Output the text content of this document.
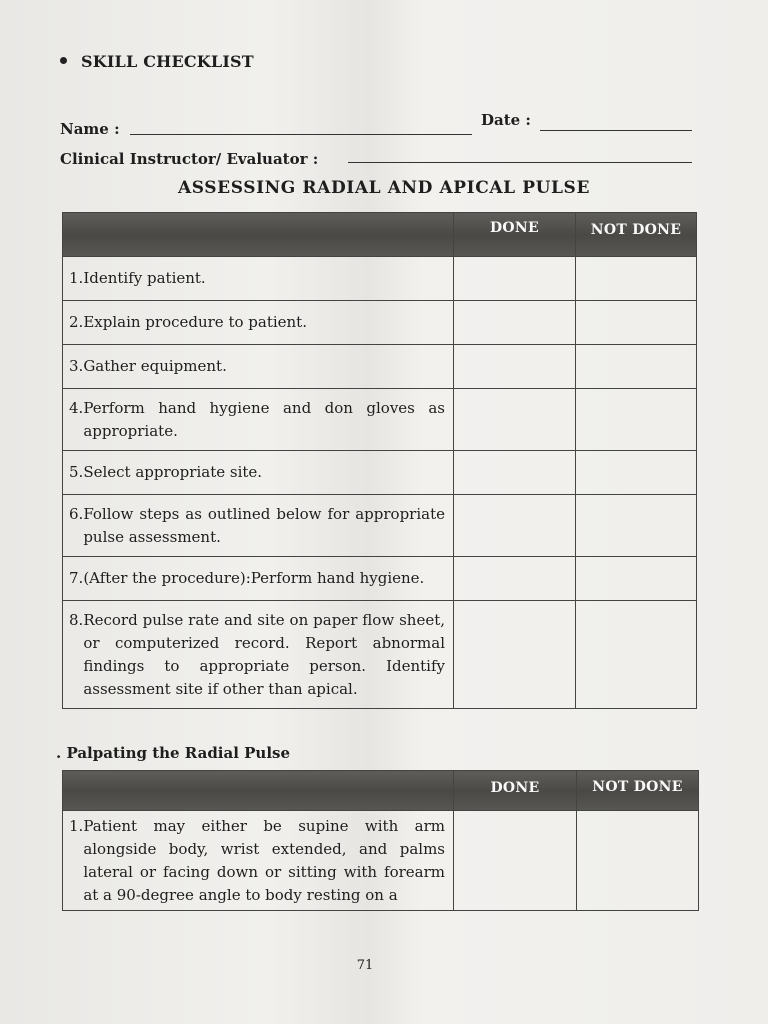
SKILL CHECKLIST
Name :	Date :
Clinical Instructor/ Evaluator :
ASSESSING RADIAL AND APICAL PULSE
	DONE	NOT DONE

1. Identify patient.		

2. Explain procedure to patient.		

3. Gather equipment.		

4. Perform hand hygiene and don gloves as appropriate.		

5. Select appropriate site.		

6. Follow steps as outlined below for appropriate pulse assessment.		

7. (After the procedure):Perform hand hygiene.		

8. Record pulse rate and site on paper flow sheet, or computerized record. Report abnormal findings to appropriate person. Identify assessment site if other than apical.		

. Palpating the Radial Pulse
	DONE	NOT DONE

1. Patient may either be supine with arm alongside body, wrist extended, and palms lateral or facing down or sitting with forearm at a 90-degree angle to body resting on a		

71
